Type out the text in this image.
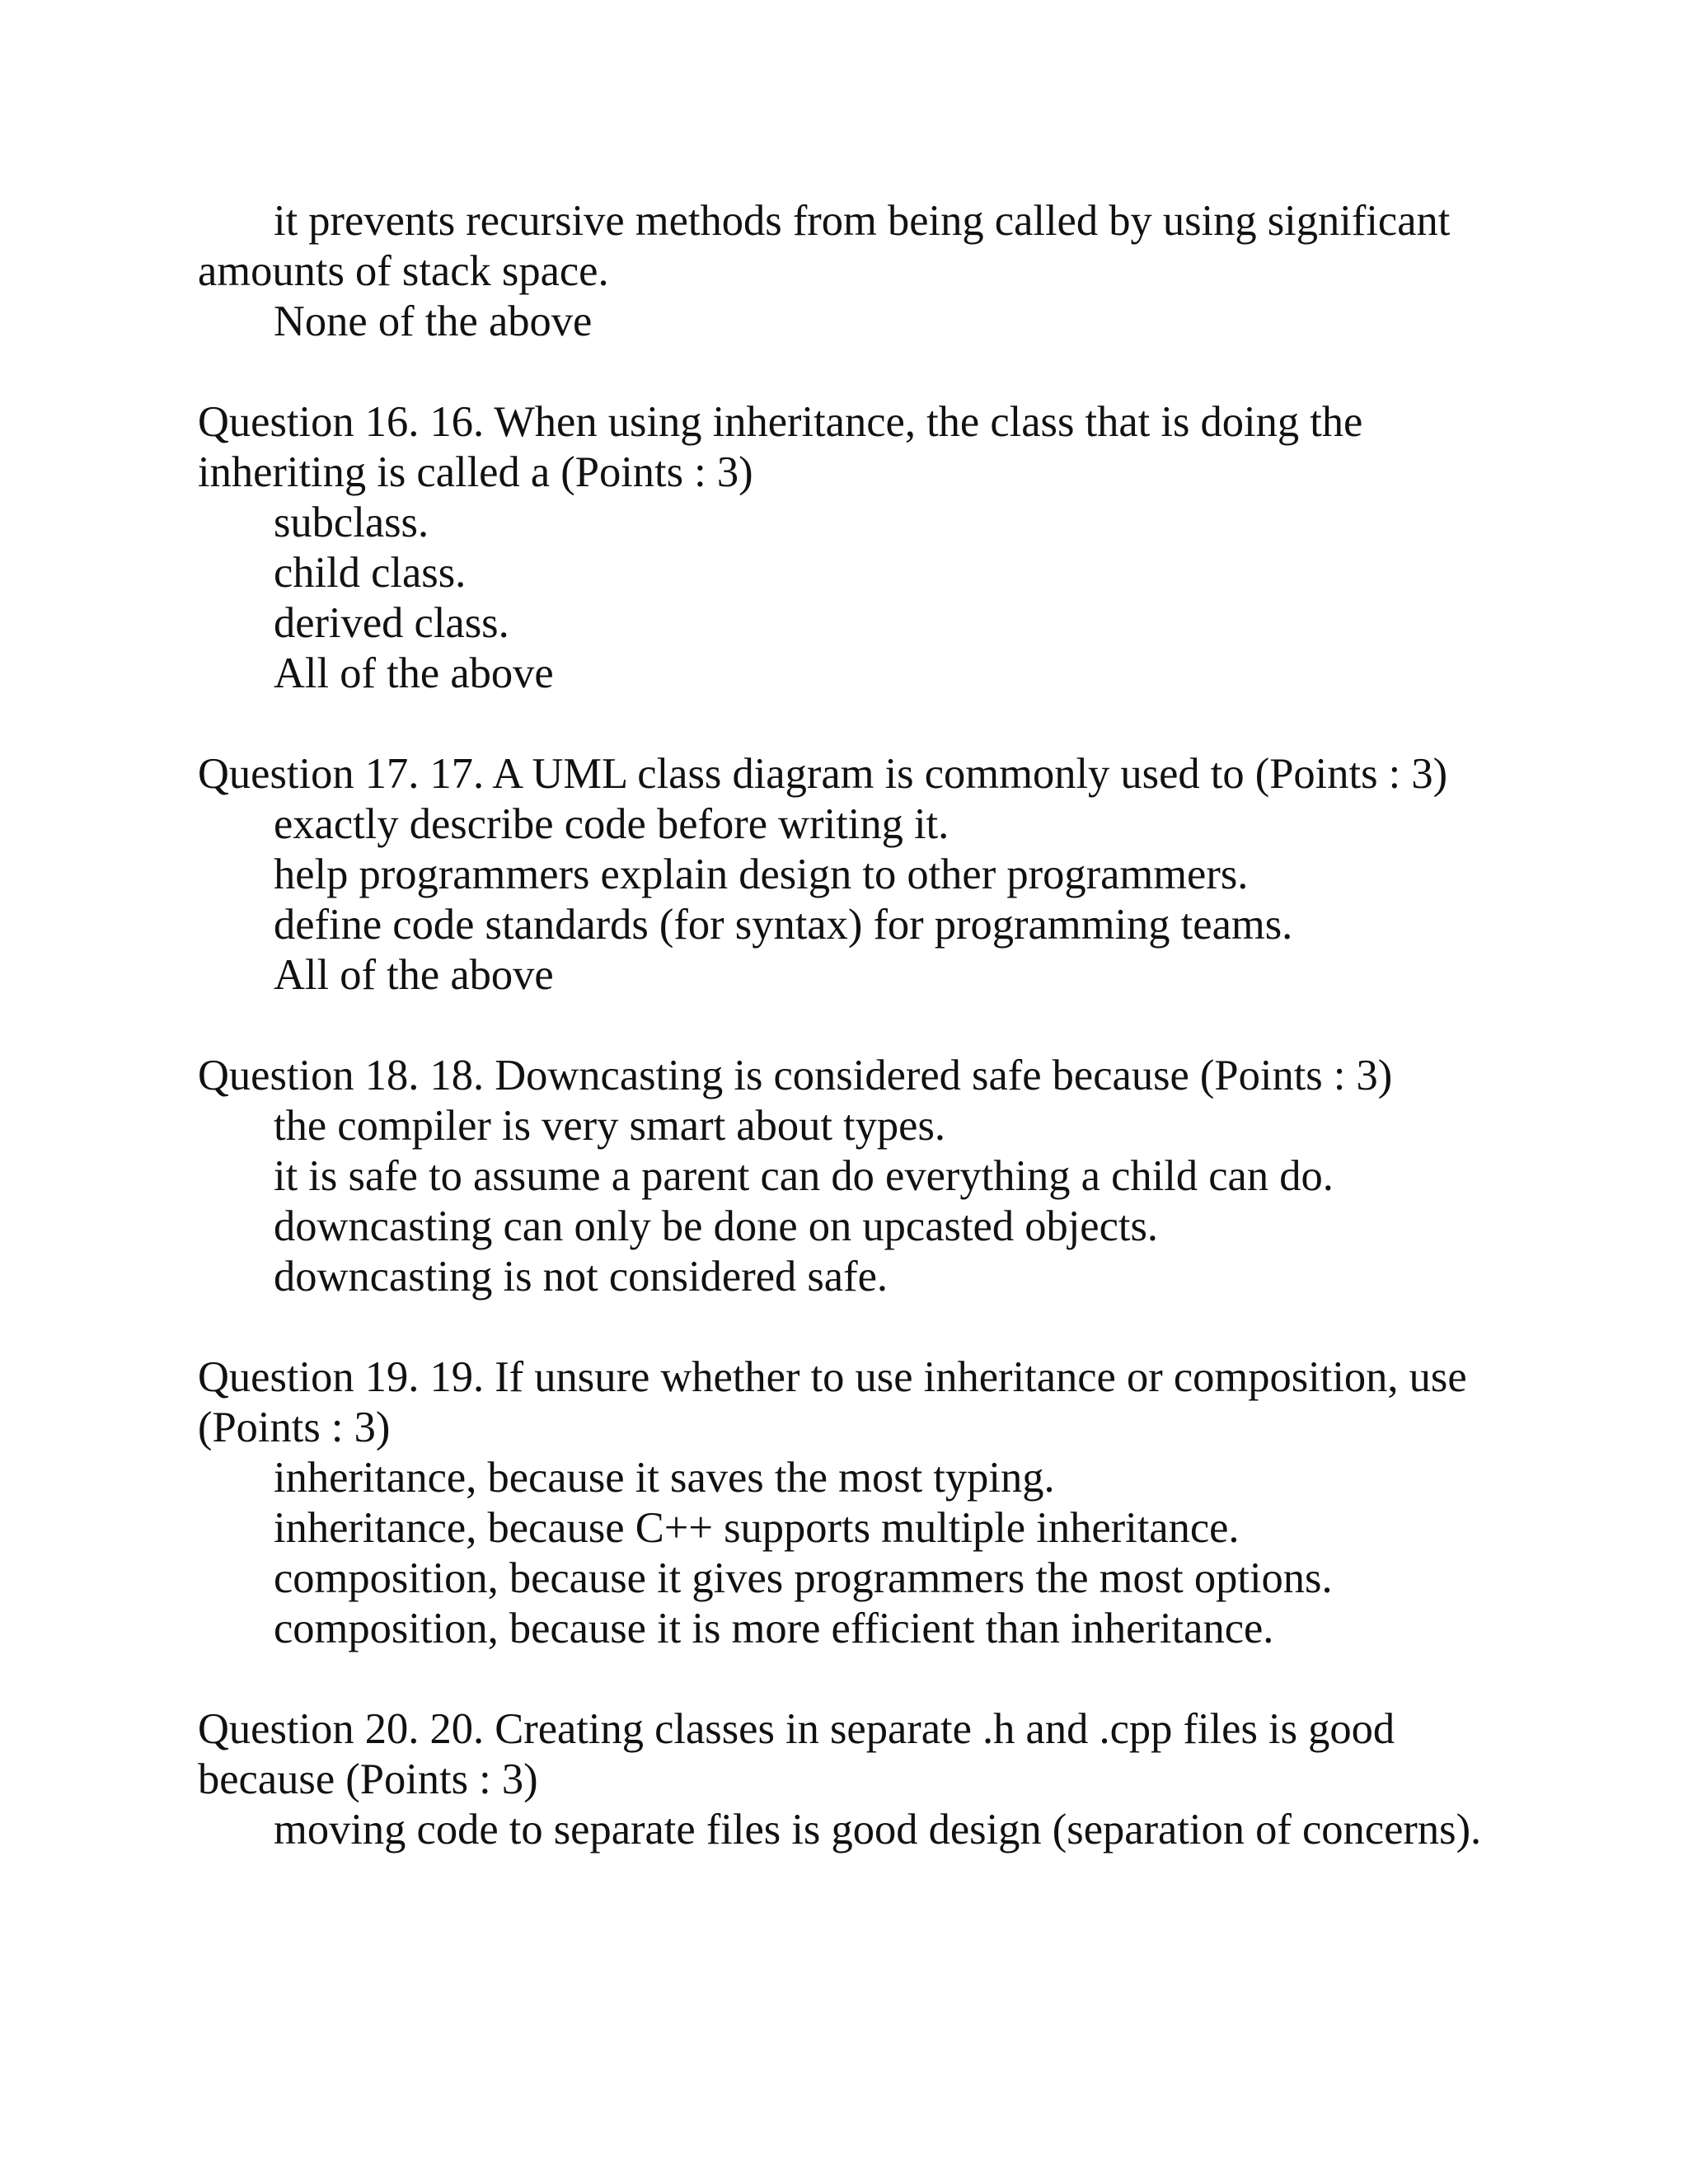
it prevents recursive methods from being called by using significant amounts of stack space.

None of the above

Question 16. 16. When using inheritance, the class that is doing the inheriting is called a (Points : 3)

subclass.

child class.

derived class.

All of the above

Question 17. 17. A UML class diagram is commonly used to (Points : 3)

exactly describe code before writing it.

help programmers explain design to other programmers.

define code standards (for syntax) for programming teams.

All of the above

Question 18. 18. Downcasting is considered safe because (Points : 3)

the compiler is very smart about types.

it is safe to assume a parent can do everything a child can do.

downcasting can only be done on upcasted objects.

downcasting is not considered safe.

Question 19. 19. If unsure whether to use inheritance or composition, use (Points : 3)

inheritance, because it saves the most typing.

inheritance, because C++ supports multiple inheritance.

composition, because it gives programmers the most options.

composition, because it is more efficient than inheritance.

Question 20. 20. Creating classes in separate .h and .cpp files is good because (Points : 3)

moving code to separate files is good design (separation of concerns).
